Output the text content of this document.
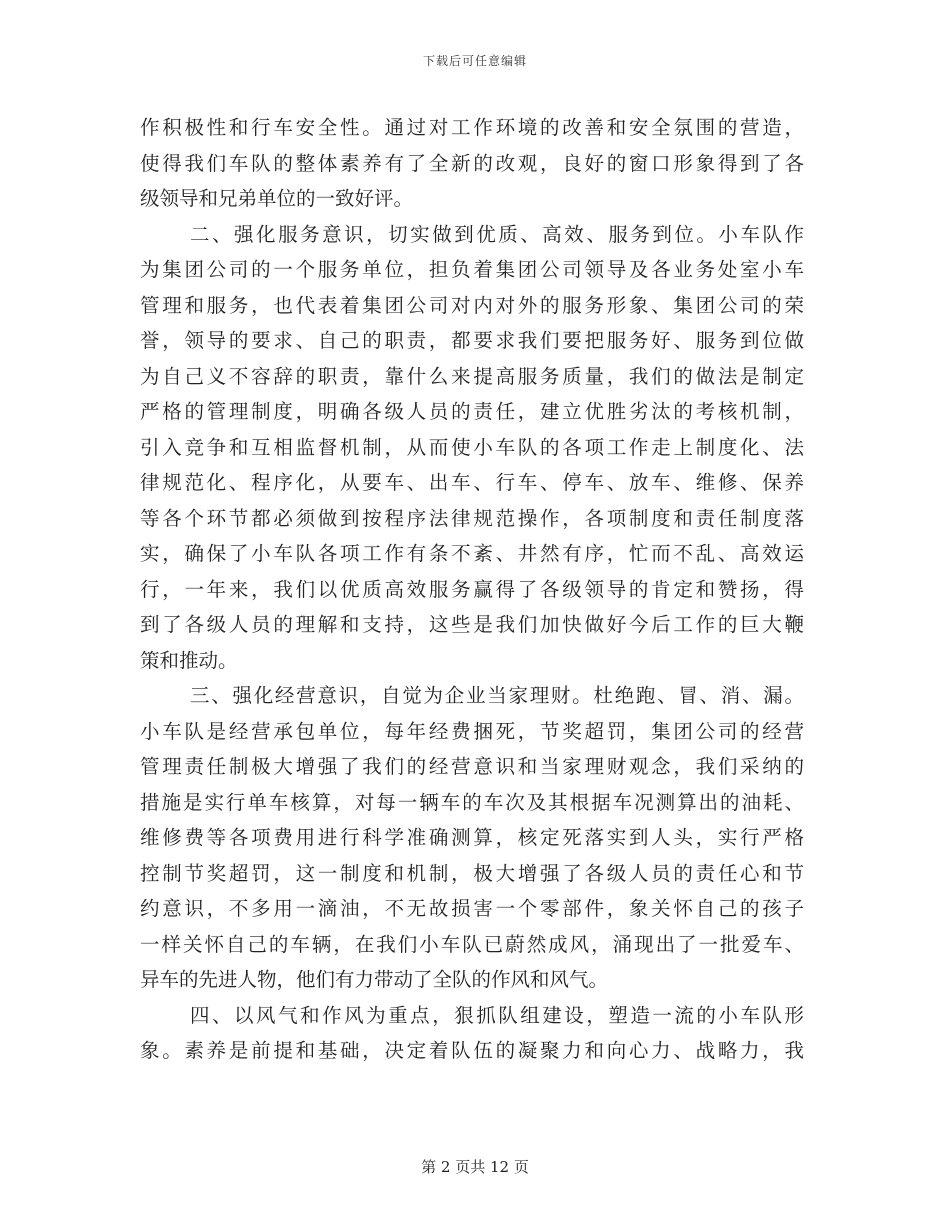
下载后可任意编辑
作积极性和行车安全性。通过对工作环境的改善和安全氛围的营造，
使得我们车队的整体素养有了全新的改观，良好的窗口形象得到了各
级领导和兄弟单位的一致好评。
二、强化服务意识，切实做到优质、高效、服务到位。小车队作
为集团公司的一个服务单位，担负着集团公司领导及各业务处室小车
管理和服务，也代表着集团公司对内对外的服务形象、集团公司的荣
誉，领导的要求、自己的职责，都要求我们要把服务好、服务到位做
为自己义不容辞的职责，靠什么来提高服务质量，我们的做法是制定
严格的管理制度，明确各级人员的责任，建立优胜劣汰的考核机制，
引入竞争和互相监督机制，从而使小车队的各项工作走上制度化、法
律规范化、程序化，从要车、出车、行车、停车、放车、维修、保养
等各个环节都必须做到按程序法律规范操作，各项制度和责任制度落
实，确保了小车队各项工作有条不紊、井然有序，忙而不乱、高效运
行，一年来，我们以优质高效服务赢得了各级领导的肯定和赞扬，得
到了各级人员的理解和支持，这些是我们加快做好今后工作的巨大鞭
策和推动。
三、强化经营意识，自觉为企业当家理财。杜绝跑、冒、消、漏。
小车队是经营承包单位，每年经费捆死，节奖超罚，集团公司的经营
管理责任制极大增强了我们的经营意识和当家理财观念，我们采纳的
措施是实行单车核算，对每一辆车的车次及其根据车况测算出的油耗、
维修费等各项费用进行科学准确测算，核定死落实到人头，实行严格
控制节奖超罚，这一制度和机制，极大增强了各级人员的责任心和节
约意识，不多用一滴油，不无故损害一个零部件，象关怀自己的孩子
一样关怀自己的车辆，在我们小车队已蔚然成风，涌现出了一批爱车、
异车的先进人物，他们有力带动了全队的作风和风气。
四、以风气和作风为重点，狠抓队组建设，塑造一流的小车队形
象。素养是前提和基础，决定着队伍的凝聚力和向心力、战略力，我
第 2 页共 12 页
